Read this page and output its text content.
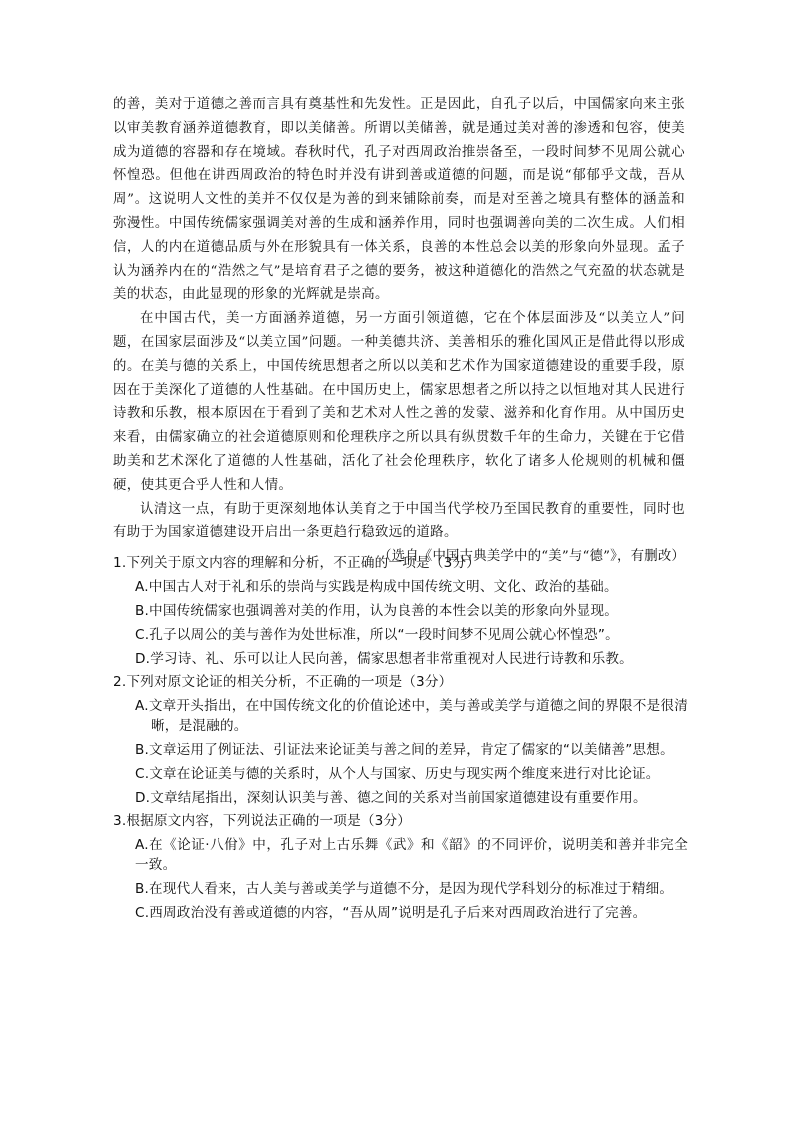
的善，美对于道德之善而言具有奠基性和先发性。正是因此，自孔子以后，中国儒家向来主张以审美教育涵养道德教育，即以美储善。所谓以美储善，就是通过美对善的渗透和包容，使美成为道德的容器和存在境域。春秋时代，孔子对西周政治推崇备至，一段时间梦不见周公就心怀惶恐。但他在讲西周政治的特色时并没有讲到善或道德的问题，而是说“郁郁乎文哉，吾从周”。这说明人文性的美并不仅仅是为善的到来铺除前奏，而是对至善之境具有整体的涵盖和弥漫性。中国传统儒家强调美对善的生成和涵养作用，同时也强调善向美的二次生成。人们相信，人的内在道德品质与外在形貌具有一体关系，良善的本性总会以美的形象向外显现。孟子认为涵养内在的“浩然之气”是培育君子之德的要务，被这种道德化的浩然之气充盈的状态就是美的状态，由此显现的形象的光辉就是崇高。

在中国古代，美一方面涵养道德，另一方面引领道德，它在个体层面涉及“以美立人”问题，在国家层面涉及“以美立国”问题。一种美德共济、美善相乐的雅化国风正是借此得以形成的。在美与德的关系上，中国传统思想者之所以以美和艺术作为国家道德建设的重要手段，原因在于美深化了道德的人性基础。在中国历史上，儒家思想者之所以持之以恒地对其人民进行诗教和乐教，根本原因在于看到了美和艺术对人性之善的发蒙、滋养和化育作用。从中国历史来看，由儒家确立的社会道德原则和伦理秩序之所以具有纵贯数千年的生命力，关键在于它借助美和艺术深化了道德的人性基础，活化了社会伦理秩序，软化了诸多人伦规则的机械和僵硬，使其更合乎人性和人情。

认清这一点，有助于更深刻地体认美育之于中国当代学校乃至国民教育的重要性，同时也有助于为国家道德建设开启出一条更趋行稳致远的道路。

（选自《中国古典美学中的“美”与“德”》，有删改）

1.下列关于原文内容的理解和分析，不正确的一项是（3分）

A.中国古人对于礼和乐的崇尚与实践是构成中国传统文明、文化、政治的基础。

B.中国传统儒家也强调善对美的作用，认为良善的本性会以美的形象向外显现。

C.孔子以周公的美与善作为处世标准，所以“一段时间梦不见周公就心怀惶恐”。

D.学习诗、礼、乐可以让人民向善，儒家思想者非常重视对人民进行诗教和乐教。

2.下列对原文论证的相关分析，不正确的一项是（3分）

A.文章开头指出，在中国传统文化的价值论述中，美与善或美学与道德之间的界限不是很清晰，是混融的。

B.文章运用了例证法、引证法来论证美与善之间的差异，肯定了儒家的“以美储善”思想。

C.文章在论证美与德的关系时，从个人与国家、历史与现实两个维度来进行对比论证。

D.文章结尾指出，深刻认识美与善、德之间的关系对当前国家道德建设有重要作用。

3.根据原文内容，下列说法正确的一项是（3分）

A.在《论证·八佾》中，孔子对上古乐舞《武》和《韶》的不同评价，说明美和善并非完全一致。

B.在现代人看来，古人美与善或美学与道德不分，是因为现代学科划分的标准过于精细。

C.西周政治没有善或道德的内容，“吾从周”说明是孔子后来对西周政治进行了完善。
